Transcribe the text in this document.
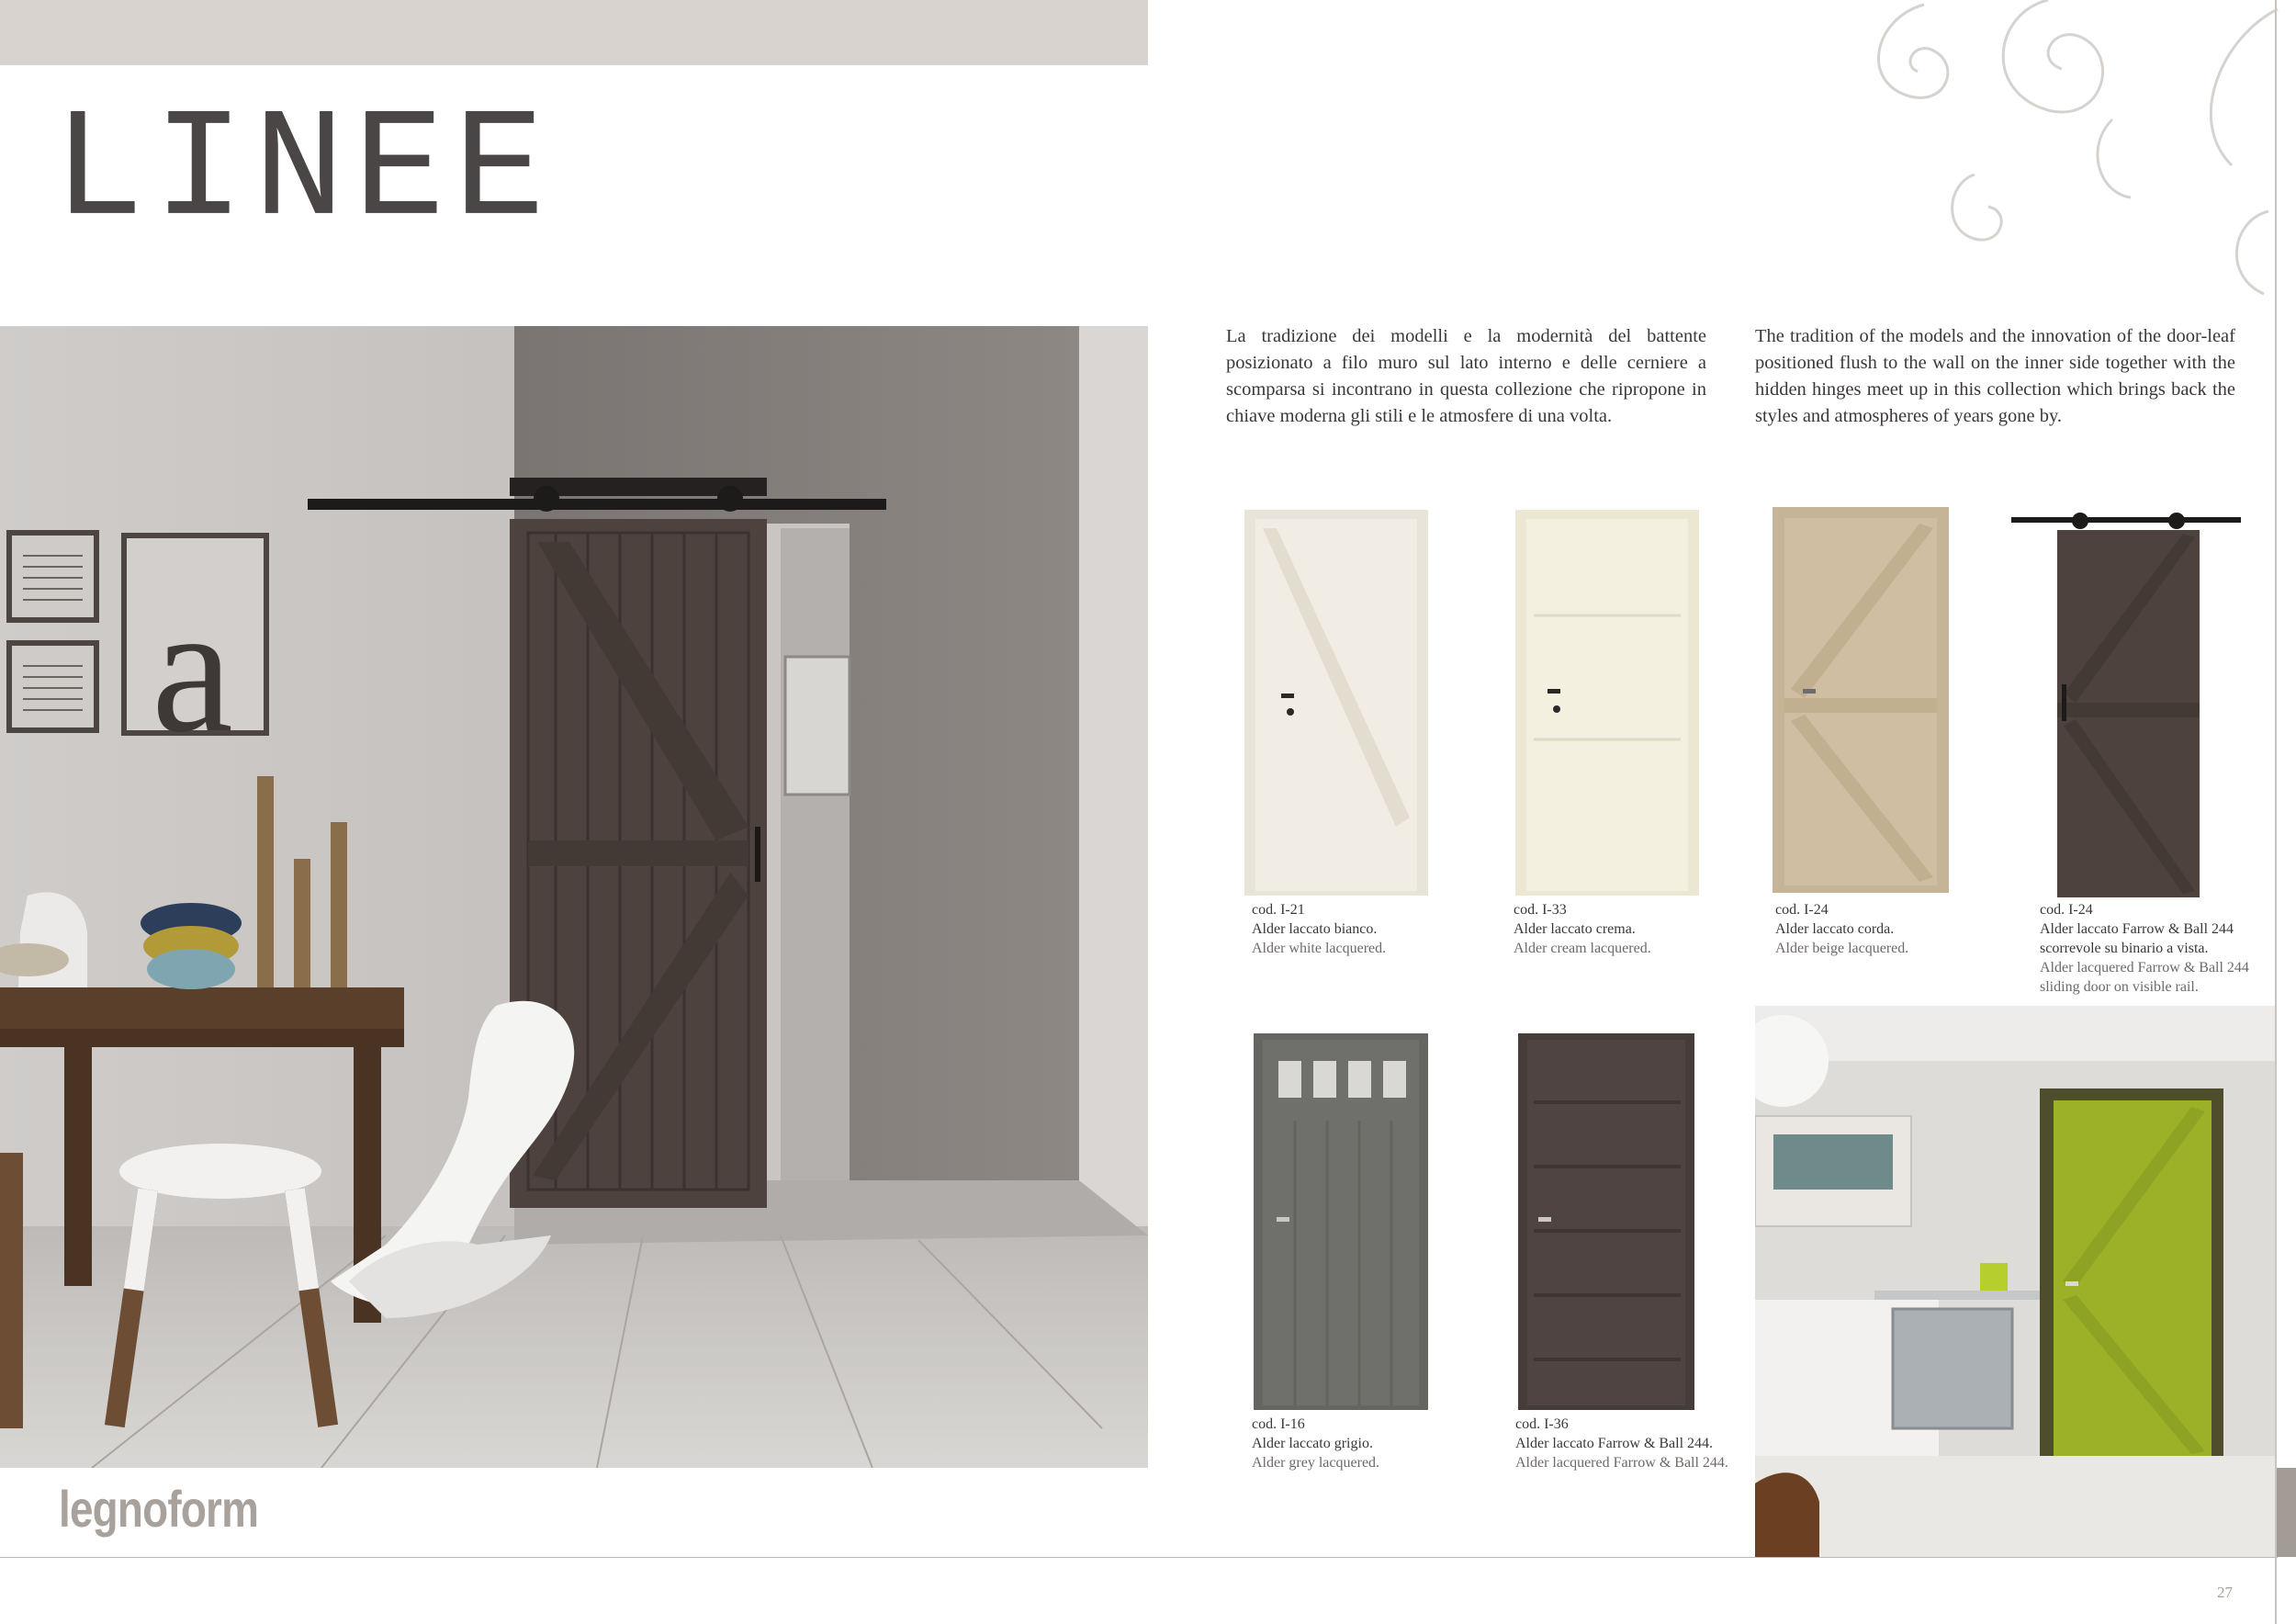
LINEE
La tradizione dei modelli e la modernità del battente posizionato a filo muro sul lato interno e delle cerniere a scomparsa si incontrano in questa collezione che ripropone in chiave moderna gli stili e le atmosfere di una volta.
The tradition of the models and the innovation of the door-leaf positioned flush to the wall on the inner side together with the hidden hinges meet up in this collection which brings back the styles and atmospheres of years gone by.
a
cod. I-21
Alder laccato bianco.
Alder white lacquered.
cod. I-33
Alder laccato crema.
Alder cream lacquered.
cod. I-24
Alder laccato corda.
Alder beige lacquered.
cod. I-24
Alder laccato Farrow & Ball 244 scorrevole su binario a vista.
Alder lacquered Farrow & Ball 244 sliding door on visible rail.
cod. I-16
Alder laccato grigio.
Alder grey lacquered.
cod. I-36
Alder laccato Farrow & Ball 244.
Alder lacquered Farrow & Ball 244.
legnoform
27
